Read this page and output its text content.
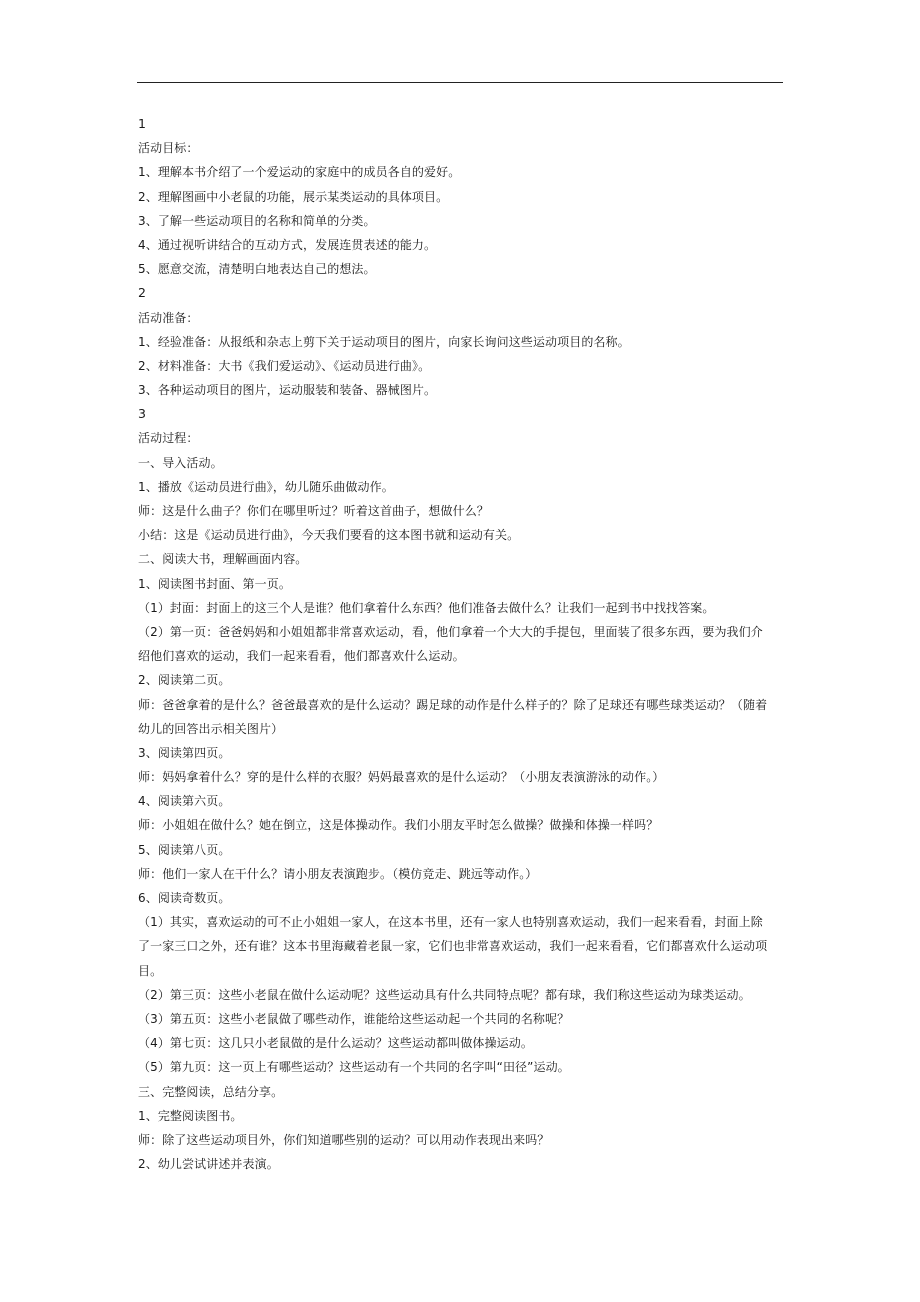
1
活动目标：
1、理解本书介绍了一个爱运动的家庭中的成员各自的爱好。
2、理解图画中小老鼠的功能，展示某类运动的具体项目。
3、了解一些运动项目的名称和简单的分类。
4、通过视听讲结合的互动方式，发展连贯表述的能力。
5、愿意交流，清楚明白地表达自己的想法。
2
活动准备：
1、经验准备：从报纸和杂志上剪下关于运动项目的图片，向家长询问这些运动项目的名称。
2、材料准备：大书《我们爱运动》、《运动员进行曲》。
3、各种运动项目的图片，运动服装和装备、器械图片。
3
活动过程：
一、导入活动。
1、播放《运动员进行曲》，幼儿随乐曲做动作。
师：这是什么曲子？你们在哪里听过？听着这首曲子，想做什么？
小结：这是《运动员进行曲》，今天我们要看的这本图书就和运动有关。
二、阅读大书，理解画面内容。
1、阅读图书封面、第一页。
（1）封面：封面上的这三个人是谁？他们拿着什么东西？他们准备去做什么？让我们一起到书中找找答案。
（2）第一页：爸爸妈妈和小姐姐都非常喜欢运动，看，他们拿着一个大大的手提包，里面装了很多东西，要为我们介
绍他们喜欢的运动，我们一起来看看，他们都喜欢什么运动。
2、阅读第二页。
师：爸爸拿着的是什么？爸爸最喜欢的是什么运动？踢足球的动作是什么样子的？除了足球还有哪些球类运动？（随着
幼儿的回答出示相关图片）
3、阅读第四页。
师：妈妈拿着什么？穿的是什么样的衣服？妈妈最喜欢的是什么运动？（小朋友表演游泳的动作。）
4、阅读第六页。
师：小姐姐在做什么？她在倒立，这是体操动作。我们小朋友平时怎么做操？做操和体操一样吗？
5、阅读第八页。
师：他们一家人在干什么？请小朋友表演跑步。（模仿竞走、跳远等动作。）
6、阅读奇数页。
（1）其实，喜欢运动的可不止小姐姐一家人，在这本书里，还有一家人也特别喜欢运动，我们一起来看看，封面上除
了一家三口之外，还有谁？这本书里海藏着老鼠一家，它们也非常喜欢运动，我们一起来看看，它们都喜欢什么运动项
目。
（2）第三页：这些小老鼠在做什么运动呢？这些运动具有什么共同特点呢？都有球，我们称这些运动为球类运动。
（3）第五页：这些小老鼠做了哪些动作，谁能给这些运动起一个共同的名称呢？
（4）第七页：这几只小老鼠做的是什么运动？这些运动都叫做体操运动。
（5）第九页：这一页上有哪些运动？这些运动有一个共同的名字叫“田径”运动。
三、完整阅读，总结分享。
1、完整阅读图书。
师：除了这些运动项目外，你们知道哪些别的运动？可以用动作表现出来吗？
2、幼儿尝试讲述并表演。
